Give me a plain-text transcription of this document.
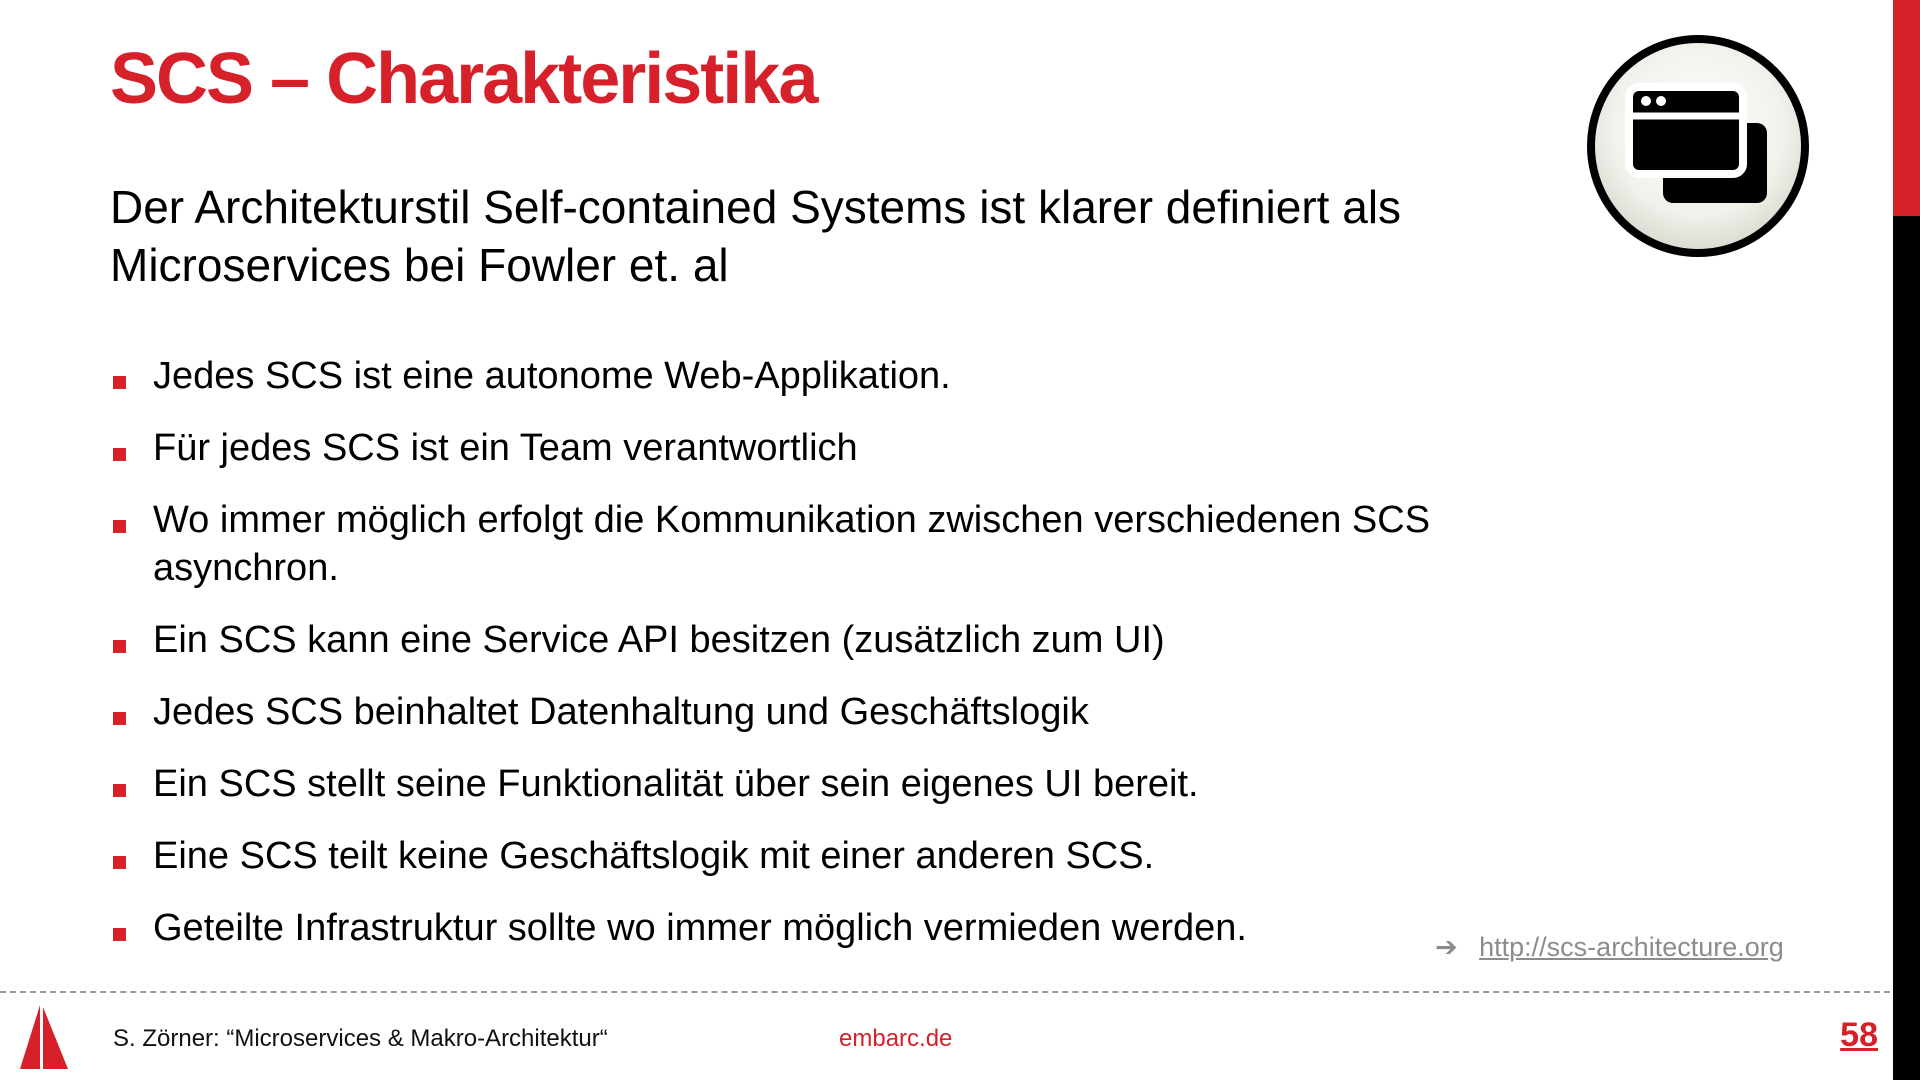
SCS – Charakteristika

Der Architekturstil Self-contained Systems ist klarer definiert als Microservices bei Fowler et. al

Jedes SCS ist eine autonome Web-Applikation.
Für jedes SCS ist ein Team verantwortlich
Wo immer möglich erfolgt die Kommunikation zwischen verschiedenen SCS asynchron.
Ein SCS kann eine Service API besitzen (zusätzlich zum UI)
Jedes SCS beinhaltet Datenhaltung und Geschäftslogik
Ein SCS stellt seine Funktionalität über sein eigenes UI bereit.
Eine SCS teilt keine Geschäftslogik mit einer anderen SCS.
Geteilte Infrastruktur sollte wo immer möglich vermieden werden.	➔ http://scs-architecture.org
S. Zörner: “Microservices & Makro-Architektur“	embarc.de	58
